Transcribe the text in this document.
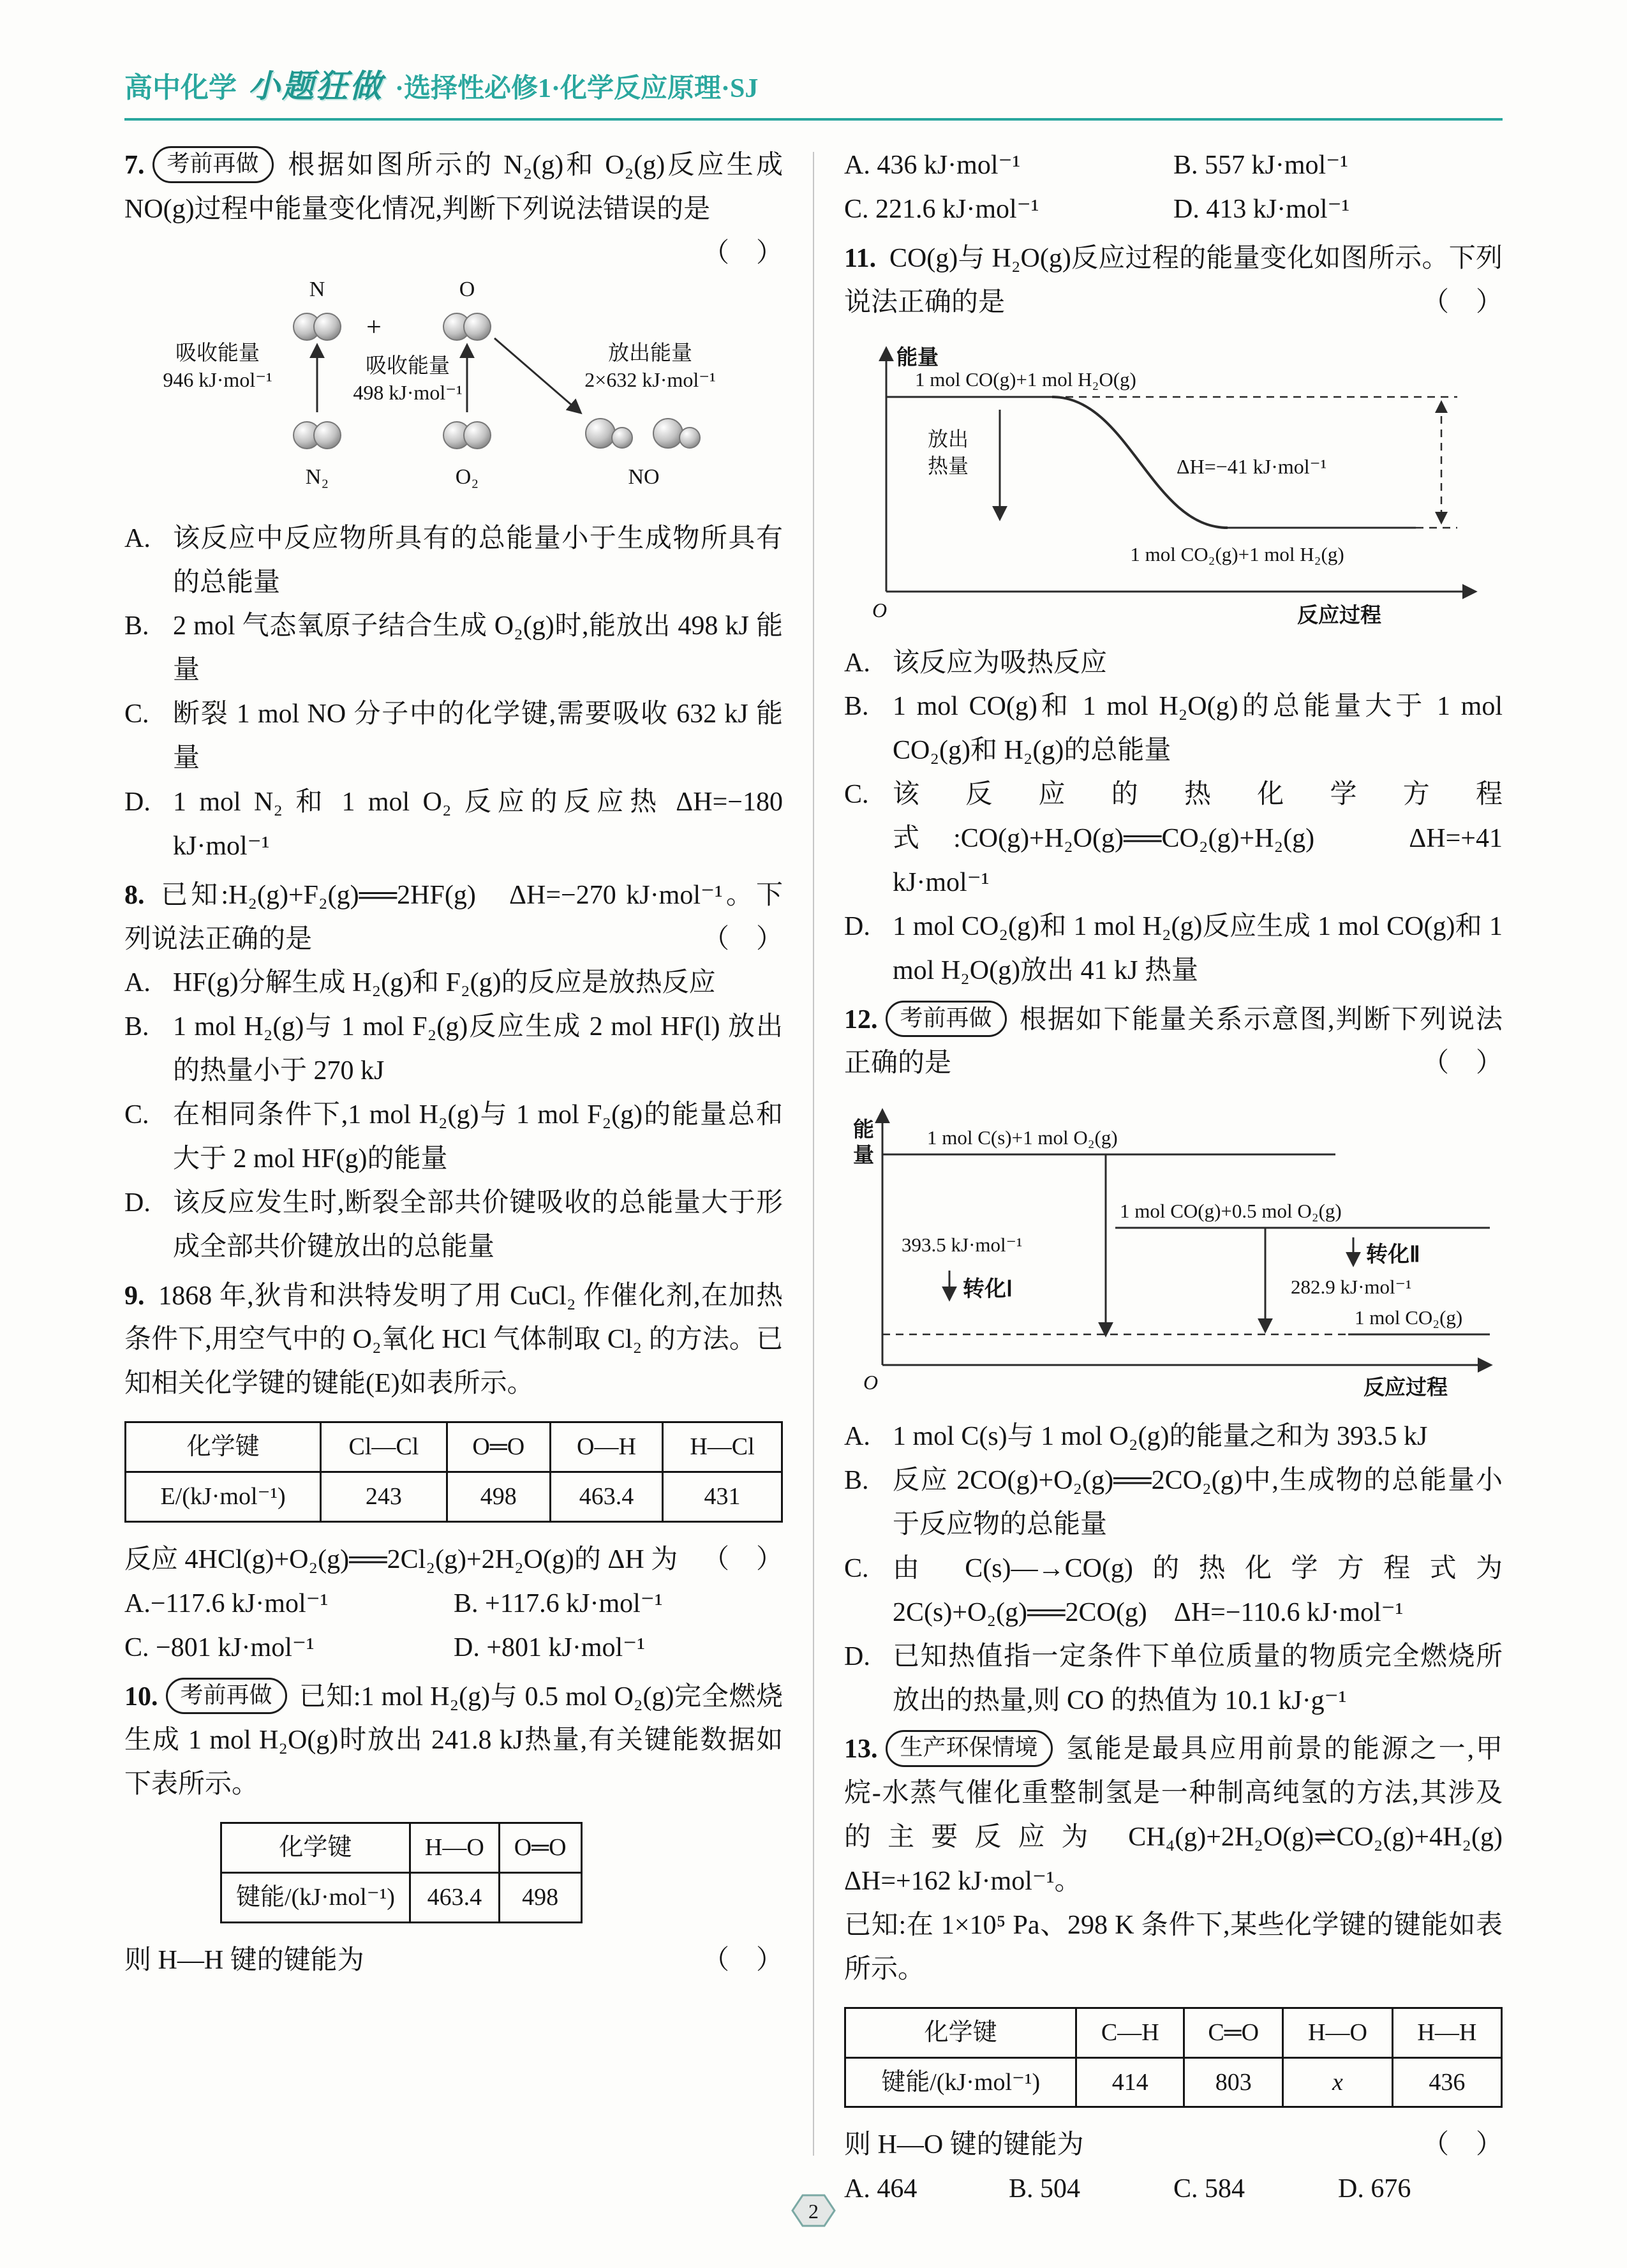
高中化学 小题狂做 ·选择性必修1·化学反应原理·SJ

7. 考前再做 根据如图所示的 N₂(g)和 O₂(g)反应生成 NO(g)过程中能量变化情况,判断下列说法错误的是
（　）

N
+
O
N₂	O₂	NO
吸收能量
946 kJ·mol⁻¹
吸收能量
498 kJ·mol⁻¹
放出能量
2×632 kJ·mol⁻¹
A. 该反应中反应物所具有的总能量小于生成物所具有的总能量
B. 2 mol 气态氧原子结合生成 O₂(g)时,能放出 498 kJ 能量
C. 断裂 1 mol NO 分子中的化学键,需要吸收 632 kJ 能量
D. 1 mol N₂ 和 1 mol O₂ 反应的反应热 ΔH=−180 kJ·mol⁻¹

8. 已知:H₂(g)+F₂(g)══2HF(g)　ΔH=−270 kJ·mol⁻¹。下列说法正确的是	（　）

A. HF(g)分解生成 H₂(g)和 F₂(g)的反应是放热反应
B. 1 mol H₂(g)与 1 mol F₂(g)反应生成 2 mol HF(l) 放出的热量小于 270 kJ
C. 在相同条件下,1 mol H₂(g)与 1 mol F₂(g)的能量总和大于 2 mol HF(g)的能量
D. 该反应发生时,断裂全部共价键吸收的总能量大于形成全部共价键放出的总能量

9. 1868 年,狄肯和洪特发明了用 CuCl₂ 作催化剂,在加热条件下,用空气中的 O₂氧化 HCl 气体制取 Cl₂ 的方法。已知相关化学键的键能(E)如表所示。

化学键	Cl—Cl	O═O	O—H	H—Cl
E/(kJ·mol⁻¹)	243	498	463.4	431

反应 4HCl(g)+O₂(g)══2Cl₂(g)+2H₂O(g)的 ΔH 为 （　）

A.−117.6 kJ·mol⁻¹	B. +117.6 kJ·mol⁻¹
C. −801 kJ·mol⁻¹	D. +801 kJ·mol⁻¹

10. 考前再做 已知:1 mol H₂(g)与 0.5 mol O₂(g)完全燃烧生成 1 mol H₂O(g)时放出 241.8 kJ热量,有关键能数据如下表所示。

化学键	H—O	O═O
键能/(kJ·mol⁻¹)	463.4	498

则 H—H 键的键能为	（　）

A. 436 kJ·mol⁻¹	B. 557 kJ·mol⁻¹
C. 221.6 kJ·mol⁻¹	D. 413 kJ·mol⁻¹

11. CO(g)与 H₂O(g)反应过程的能量变化如图所示。下列说法正确的是	（　）

能量
1 mol CO(g)+1 mol H₂O(g)
放出
热量	ΔH=−41 kJ·mol⁻¹
1 mol CO₂(g)+1 mol H₂(g)
O	反应过程
A. 该反应为吸热反应
B. 1 mol CO(g)和 1 mol H₂O(g)的总能量大于 1 mol CO₂(g)和 H₂(g)的总能量
C. 该反应的热化学方程式:CO(g)+H₂O(g)══CO₂(g)+H₂(g)　ΔH=+41 kJ·mol⁻¹
D. 1 mol CO₂(g)和 1 mol H₂(g)反应生成 1 mol CO(g)和 1 mol H₂O(g)放出 41 kJ 热量

12. 考前再做 根据如下能量关系示意图,判断下列说法正确的是	（　）

能
量
1 mol C(s)+1 mol O₂(g)
393.5 kJ·mol⁻¹
转化Ⅰ
1 mol CO(g)+0.5 mol O₂(g)
转化Ⅱ
282.9 kJ·mol⁻¹
1 mol CO₂(g)
O	反应过程
A. 1 mol C(s)与 1 mol O₂(g)的能量之和为 393.5 kJ
B. 反应 2CO(g)+O₂(g)══2CO₂(g)中,生成物的总能量小于反应物的总能量
C. 由 C(s)—→CO(g)的热化学方程式为 2C(s)+O₂(g)══2CO(g)　ΔH=−110.6 kJ·mol⁻¹
D. 已知热值指一定条件下单位质量的物质完全燃烧所放出的热量,则 CO 的热值为 10.1 kJ·g⁻¹

13. 生产环保情境 氢能是最具应用前景的能源之一,甲烷-水蒸气催化重整制氢是一种制高纯氢的方法,其涉及的主要反应为 CH₄(g)+2H₂O(g)⇌CO₂(g)+4H₂(g)　ΔH=+162 kJ·mol⁻¹。

已知:在 1×10⁵ Pa、298 K 条件下,某些化学键的键能如表所示。

化学键	C—H	C═O	H—O	H—H
键能/(kJ·mol⁻¹)	414	803	x	436

则 H—O 键的键能为	（　）

A. 464	B. 504	C. 584	D. 676
2
